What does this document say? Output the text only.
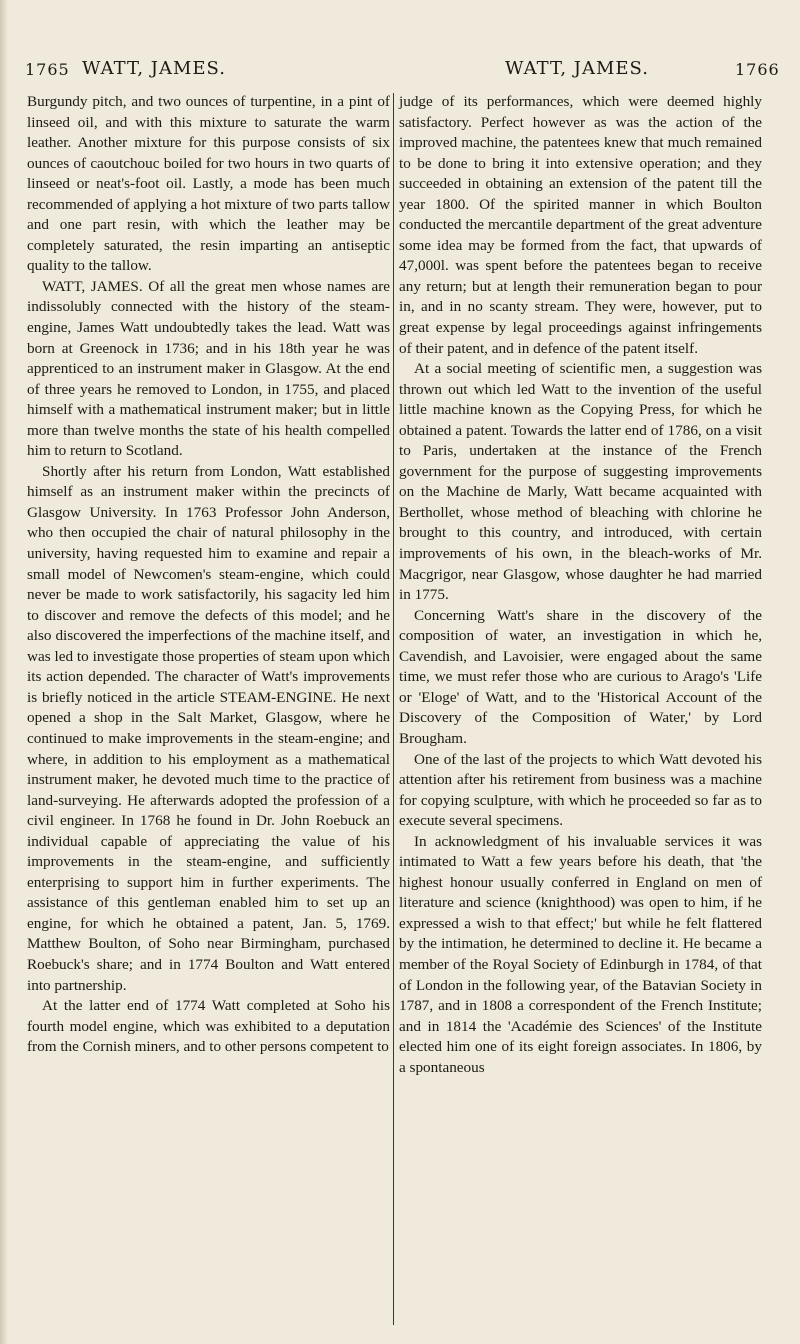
1765 WATT, JAMES.	WATT, JAMES.	1766

Burgundy pitch, and two ounces of turpentine, in a pint of linseed oil, and with this mixture to saturate the warm leather. Another mixture for this purpose consists of six ounces of caoutchouc boiled for two hours in two quarts of linseed or neat's-foot oil. Lastly, a mode has been much recommended of applying a hot mixture of two parts tallow and one part resin, with which the leather may be completely saturated, the resin imparting an antiseptic quality to the tallow.

WATT, JAMES. Of all the great men whose names are indissolubly connected with the history of the steam-engine, James Watt undoubtedly takes the lead. Watt was born at Greenock in 1736; and in his 18th year he was apprenticed to an instrument maker in Glasgow. At the end of three years he removed to London, in 1755, and placed himself with a mathematical instrument maker; but in little more than twelve months the state of his health compelled him to return to Scotland.

Shortly after his return from London, Watt established himself as an instrument maker within the precincts of Glasgow University. In 1763 Professor John Anderson, who then occupied the chair of natural philosophy in the university, having requested him to examine and repair a small model of Newcomen's steam-engine, which could never be made to work satisfactorily, his sagacity led him to discover and remove the defects of this model; and he also discovered the imperfections of the machine itself, and was led to investigate those properties of steam upon which its action depended. The character of Watt's improvements is briefly noticed in the article STEAM-ENGINE. He next opened a shop in the Salt Market, Glasgow, where he continued to make improvements in the steam-engine; and where, in addition to his employment as a mathematical instrument maker, he devoted much time to the practice of land-surveying. He afterwards adopted the profession of a civil engineer. In 1768 he found in Dr. John Roebuck an individual capable of appreciating the value of his improvements in the steam-engine, and sufficiently enterprising to support him in further experiments. The assistance of this gentleman enabled him to set up an engine, for which he obtained a patent, Jan. 5, 1769. Matthew Boulton, of Soho near Birmingham, purchased Roebuck's share; and in 1774 Boulton and Watt entered into partnership.

At the latter end of 1774 Watt completed at Soho his fourth model engine, which was exhibited to a deputation from the Cornish miners, and to other persons competent to

judge of its performances, which were deemed highly satisfactory. Perfect however as was the action of the improved machine, the patentees knew that much remained to be done to bring it into extensive operation; and they succeeded in obtaining an extension of the patent till the year 1800. Of the spirited manner in which Boulton conducted the mercantile department of the great adventure some idea may be formed from the fact, that upwards of 47,000l. was spent before the patentees began to receive any return; but at length their remuneration began to pour in, and in no scanty stream. They were, however, put to great expense by legal proceedings against infringements of their patent, and in defence of the patent itself.

At a social meeting of scientific men, a suggestion was thrown out which led Watt to the invention of the useful little machine known as the Copying Press, for which he obtained a patent. Towards the latter end of 1786, on a visit to Paris, undertaken at the instance of the French government for the purpose of suggesting improvements on the Machine de Marly, Watt became acquainted with Berthollet, whose method of bleaching with chlorine he brought to this country, and introduced, with certain improvements of his own, in the bleach-works of Mr. Macgrigor, near Glasgow, whose daughter he had married in 1775.

Concerning Watt's share in the discovery of the composition of water, an investigation in which he, Cavendish, and Lavoisier, were engaged about the same time, we must refer those who are curious to Arago's 'Life or 'Eloge' of Watt, and to the 'Historical Account of the Discovery of the Composition of Water,' by Lord Brougham.

One of the last of the projects to which Watt devoted his attention after his retirement from business was a machine for copying sculpture, with which he proceeded so far as to execute several specimens.

In acknowledgment of his invaluable services it was intimated to Watt a few years before his death, that 'the highest honour usually conferred in England on men of literature and science (knighthood) was open to him, if he expressed a wish to that effect;' but while he felt flattered by the intimation, he determined to decline it. He became a member of the Royal Society of Edinburgh in 1784, of that of London in the following year, of the Batavian Society in 1787, and in 1808 a correspondent of the French Institute; and in 1814 the 'Académie des Sciences' of the Institute elected him one of its eight foreign associates. In 1806, by a spontaneous
